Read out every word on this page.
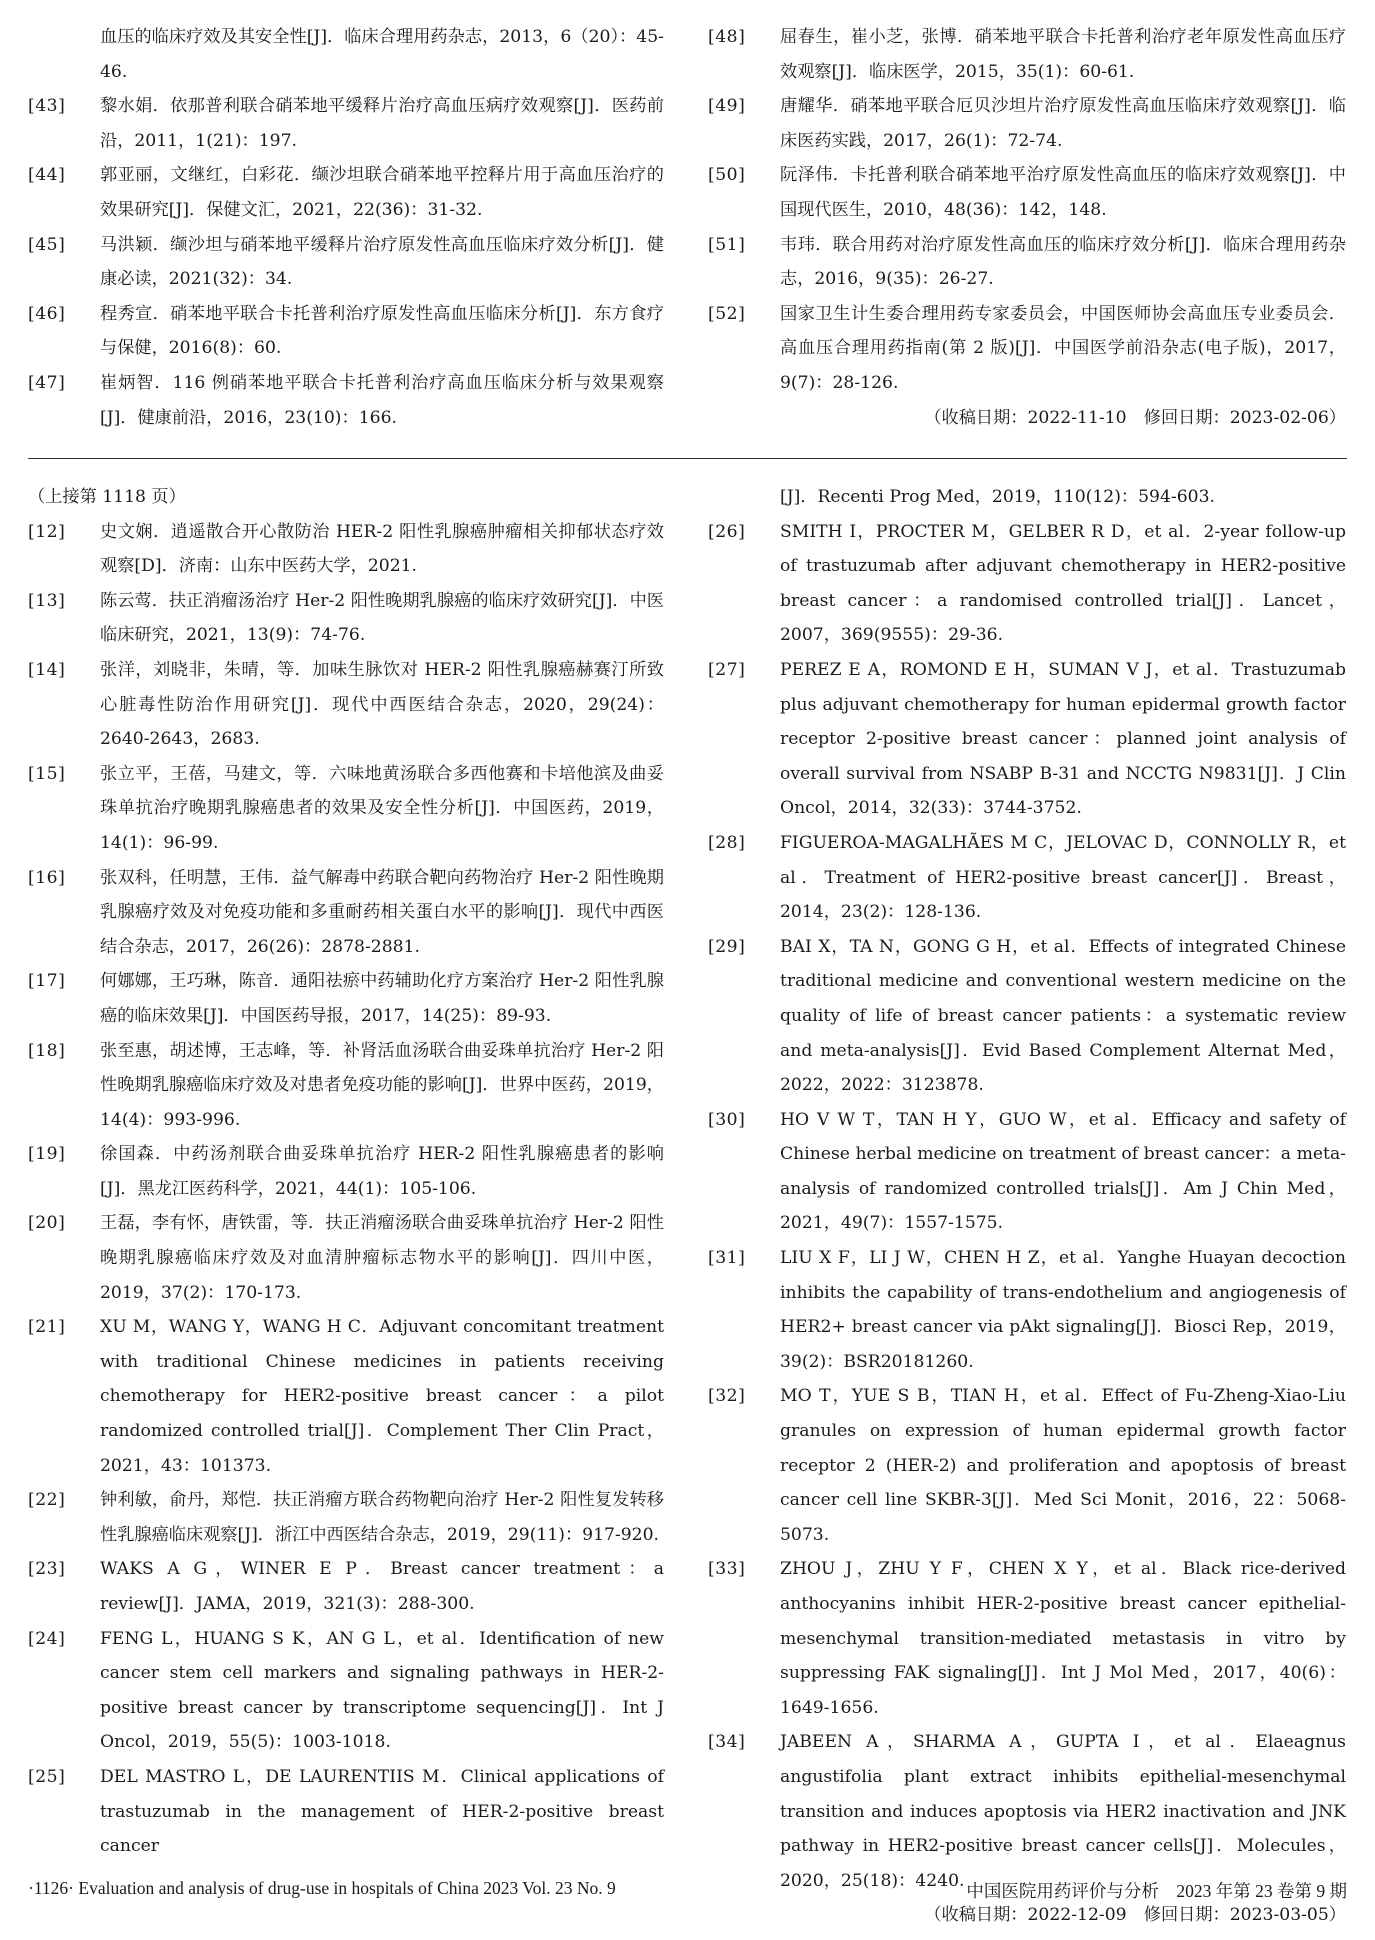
血压的临床疗效及其安全性[J]．临床合理用药杂志，2013，6（20）：45-46.

[43] 黎水娟．依那普利联合硝苯地平缓释片治疗高血压病疗效观察[J]．医药前沿，2011，1(21)：197.

[44] 郭亚丽，文继红，白彩花．缬沙坦联合硝苯地平控释片用于高血压治疗的效果研究[J]．保健文汇，2021，22(36)：31-32.

[45] 马洪颖．缬沙坦与硝苯地平缓释片治疗原发性高血压临床疗效分析[J]．健康必读，2021(32)：34.

[46] 程秀宣．硝苯地平联合卡托普利治疗原发性高血压临床分析[J]．东方食疗与保健，2016(8)：60.

[47] 崔炳智．116 例硝苯地平联合卡托普利治疗高血压临床分析与效果观察[J]．健康前沿，2016，23(10)：166.

[48] 屈春生，崔小芝，张博．硝苯地平联合卡托普利治疗老年原发性高血压疗效观察[J]．临床医学，2015，35(1)：60-61.

[49] 唐耀华．硝苯地平联合厄贝沙坦片治疗原发性高血压临床疗效观察[J]．临床医药实践，2017，26(1)：72-74.

[50] 阮泽伟．卡托普利联合硝苯地平治疗原发性高血压的临床疗效观察[J]．中国现代医生，2010，48(36)：142，148.

[51] 韦玮．联合用药对治疗原发性高血压的临床疗效分析[J]．临床合理用药杂志，2016，9(35)：26-27.

[52] 国家卫生计生委合理用药专家委员会，中国医师协会高血压专业委员会．高血压合理用药指南(第 2 版)[J]．中国医学前沿杂志(电子版)，2017，9(7)：28-126.

（收稿日期：2022-11-10　修回日期：2023-02-06）

（上接第 1118 页）

[12] 史文娴．逍遥散合开心散防治 HER-2 阳性乳腺癌肿瘤相关抑郁状态疗效观察[D]．济南：山东中医药大学，2021.

[13] 陈云莺．扶正消瘤汤治疗 Her-2 阳性晚期乳腺癌的临床疗效研究[J]．中医临床研究，2021，13(9)：74-76.

[14] 张洋，刘晓非，朱晴，等．加味生脉饮对 HER-2 阳性乳腺癌赫赛汀所致心脏毒性防治作用研究[J]．现代中西医结合杂志，2020，29(24)：2640-2643，2683.

[15] 张立平，王蓓，马建文，等．六味地黄汤联合多西他赛和卡培他滨及曲妥珠单抗治疗晚期乳腺癌患者的效果及安全性分析[J]．中国医药，2019，14(1)：96-99.

[16] 张双科，任明慧，王伟．益气解毒中药联合靶向药物治疗 Her-2 阳性晚期乳腺癌疗效及对免疫功能和多重耐药相关蛋白水平的影响[J]．现代中西医结合杂志，2017，26(26)：2878-2881.

[17] 何娜娜，王巧琳，陈音．通阳祛瘀中药辅助化疗方案治疗 Her-2 阳性乳腺癌的临床效果[J]．中国医药导报，2017，14(25)：89-93.

[18] 张至惠，胡述博，王志峰，等．补肾活血汤联合曲妥珠单抗治疗 Her-2 阳性晚期乳腺癌临床疗效及对患者免疫功能的影响[J]．世界中医药，2019，14(4)：993-996.

[19] 徐国森．中药汤剂联合曲妥珠单抗治疗 HER-2 阳性乳腺癌患者的影响[J]．黑龙江医药科学，2021，44(1)：105-106.

[20] 王磊，李有怀，唐铁雷，等．扶正消瘤汤联合曲妥珠单抗治疗 Her-2 阳性晚期乳腺癌临床疗效及对血清肿瘤标志物水平的影响[J]．四川中医，2019，37(2)：170-173.

[21] XU M，WANG Y，WANG H C．Adjuvant concomitant treatment with traditional Chinese medicines in patients receiving chemotherapy for HER2-positive breast cancer：a pilot randomized controlled trial[J]．Complement Ther Clin Pract，2021，43：101373.

[22] 钟利敏，俞丹，郑恺．扶正消瘤方联合药物靶向治疗 Her-2 阳性复发转移性乳腺癌临床观察[J]．浙江中西医结合杂志，2019，29(11)：917-920.

[23] WAKS A G，WINER E P．Breast cancer treatment：a review[J]．JAMA，2019，321(3)：288-300.

[24] FENG L，HUANG S K，AN G L，et al．Identification of new cancer stem cell markers and signaling pathways in HER-2-positive breast cancer by transcriptome sequencing[J]．Int J Oncol，2019，55(5)：1003-1018.

[25] DEL MASTRO L，DE LAURENTIIS M．Clinical applications of trastuzumab in the management of HER-2-positive breast cancer

[J]．Recenti Prog Med，2019，110(12)：594-603.

[26] SMITH I，PROCTER M，GELBER R D，et al．2-year follow-up of trastuzumab after adjuvant chemotherapy in HER2-positive breast cancer：a randomised controlled trial[J]．Lancet，2007，369(9555)：29-36.

[27] PEREZ E A，ROMOND E H，SUMAN V J，et al．Trastuzumab plus adjuvant chemotherapy for human epidermal growth factor receptor 2-positive breast cancer：planned joint analysis of overall survival from NSABP B-31 and NCCTG N9831[J]．J Clin Oncol，2014，32(33)：3744-3752.

[28] FIGUEROA-MAGALHÃES M C，JELOVAC D，CONNOLLY R，et al．Treatment of HER2-positive breast cancer[J]．Breast，2014，23(2)：128-136.

[29] BAI X，TA N，GONG G H，et al．Effects of integrated Chinese traditional medicine and conventional western medicine on the quality of life of breast cancer patients：a systematic review and meta-analysis[J]．Evid Based Complement Alternat Med，2022，2022：3123878.

[30] HO V W T，TAN H Y，GUO W，et al．Efficacy and safety of Chinese herbal medicine on treatment of breast cancer：a meta-analysis of randomized controlled trials[J]．Am J Chin Med，2021，49(7)：1557-1575.

[31] LIU X F，LI J W，CHEN H Z，et al．Yanghe Huayan decoction inhibits the capability of trans-endothelium and angiogenesis of HER2+ breast cancer via pAkt signaling[J]．Biosci Rep，2019，39(2)：BSR20181260.

[32] MO T，YUE S B，TIAN H，et al．Effect of Fu-Zheng-Xiao-Liu granules on expression of human epidermal growth factor receptor 2 (HER-2) and proliferation and apoptosis of breast cancer cell line SKBR-3[J]．Med Sci Monit，2016，22：5068-5073.

[33] ZHOU J，ZHU Y F，CHEN X Y，et al．Black rice-derived anthocyanins inhibit HER-2-positive breast cancer epithelial-mesenchymal transition-mediated metastasis in vitro by suppressing FAK signaling[J]．Int J Mol Med，2017，40(6)：1649-1656.

[34] JABEEN A，SHARMA A，GUPTA I，et al．Elaeagnus angustifolia plant extract inhibits epithelial-mesenchymal transition and induces apoptosis via HER2 inactivation and JNK pathway in HER2-positive breast cancer cells[J]．Molecules，2020，25(18)：4240.

（收稿日期：2022-12-09　修回日期：2023-03-05）

·1126· Evaluation and analysis of drug-use in hospitals of China 2023 Vol. 23 No. 9	中国医院用药评价与分析　2023 年第 23 卷第 9 期
